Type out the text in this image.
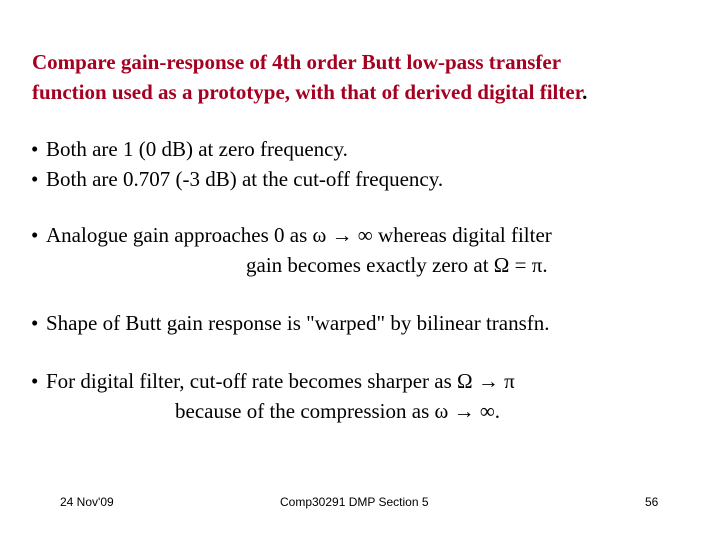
Compare gain-response of 4th order Butt low-pass transfer
function used as a prototype, with that of derived digital filter.

• Both are 1 (0 dB) at zero frequency.

• Both are 0.707 (-3 dB) at the cut-off frequency.

• Analogue gain approaches 0 as ω → ∞ whereas digital filter

gain becomes exactly zero at Ω = π.

• Shape of Butt gain response is "warped" by bilinear transfn.

• For digital filter, cut-off rate becomes sharper as Ω → π

because of the compression as ω → ∞.
24 Nov'09	Comp30291 DMP Section 5	56
